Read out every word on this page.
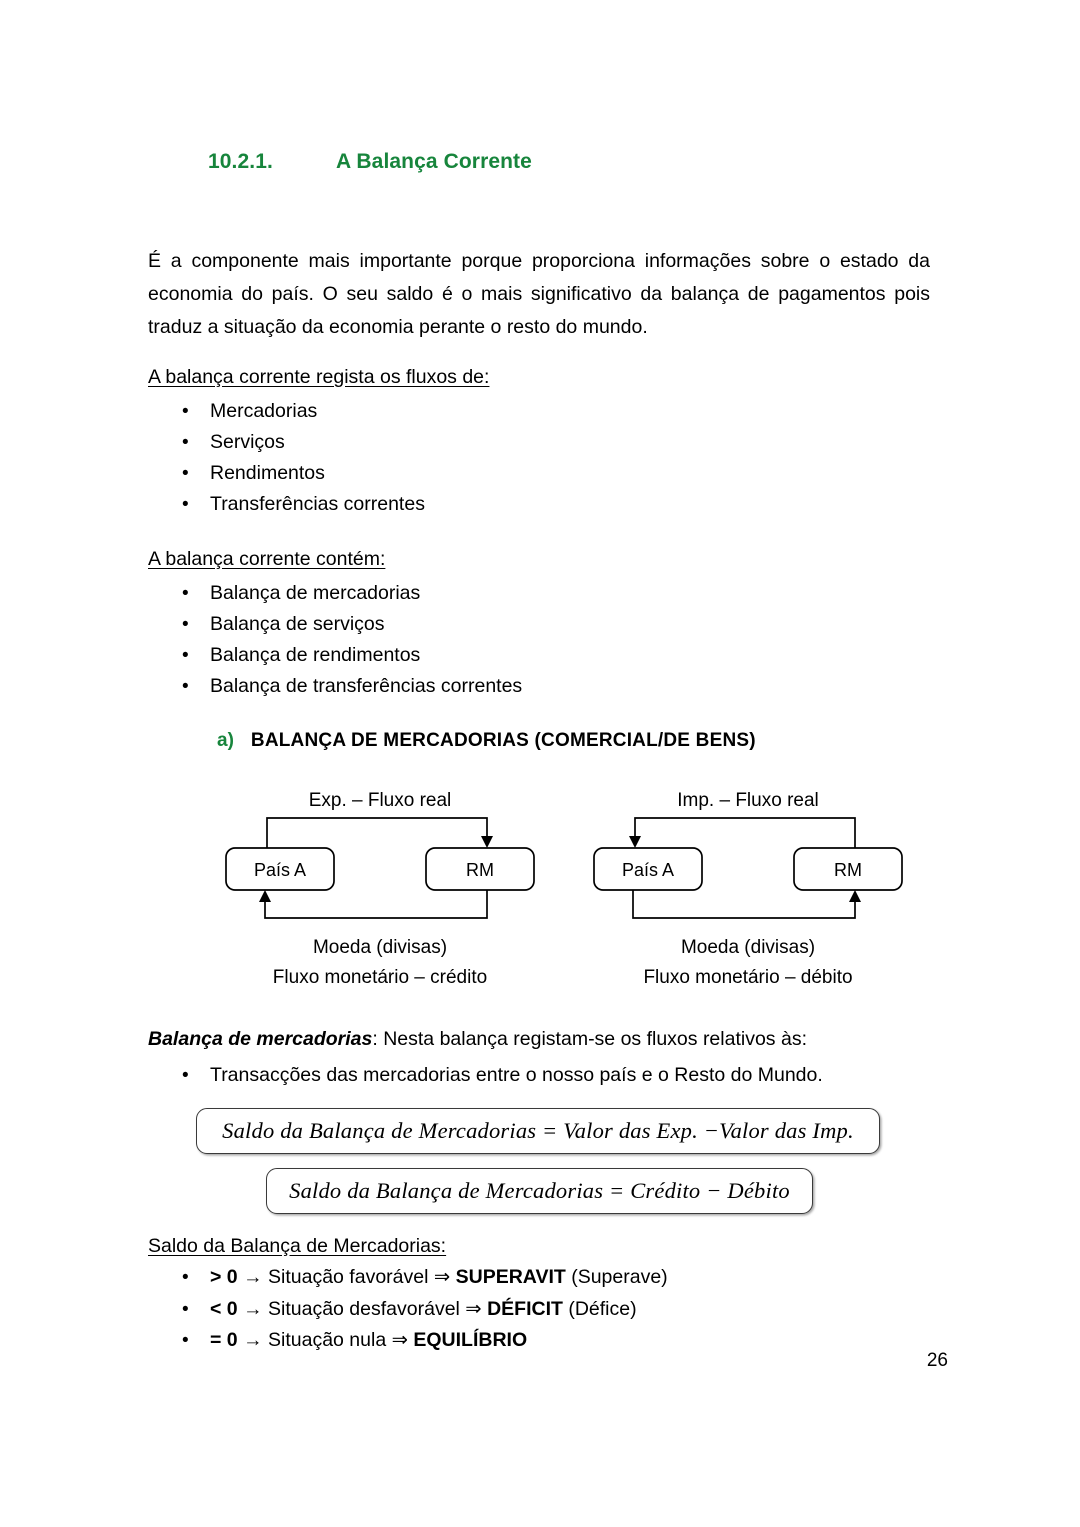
10.2.1.	A Balança Corrente
É a componente mais importante porque proporciona informações sobre o estado da economia do país. O seu saldo é o mais significativo da balança de pagamentos pois traduz a situação da economia perante o resto do mundo.
A balança corrente regista os fluxos de:
• Mercadorias
• Serviços
• Rendimentos
• Transferências correntes
A balança corrente contém:
• Balança de mercadorias
• Balança de serviços
• Balança de rendimentos
• Balança de transferências correntes
a) BALANÇA DE MERCADORIAS (COMERCIAL/DE BENS)
Exp. – Fluxo real
País A	RM
Moeda (divisas)
Fluxo monetário – crédito
Imp. – Fluxo real
País A	RM
Moeda (divisas)
Fluxo monetário – débito
Balança de mercadorias: Nesta balança registam-se os fluxos relativos às:
• Transacções das mercadorias entre o nosso país e o Resto do Mundo.
Saldo da Balança de Mercadorias = Valor das Exp. −Valor das Imp.
Saldo da Balança de Mercadorias = Crédito − Débito
Saldo da Balança de Mercadorias:
• > 0 → Situação favorável ⇒ SUPERAVIT (Superave)
• < 0 → Situação desfavorável ⇒ DÉFICIT (Défice)
• = 0 → Situação nula ⇒ EQUILÍBRIO
26
